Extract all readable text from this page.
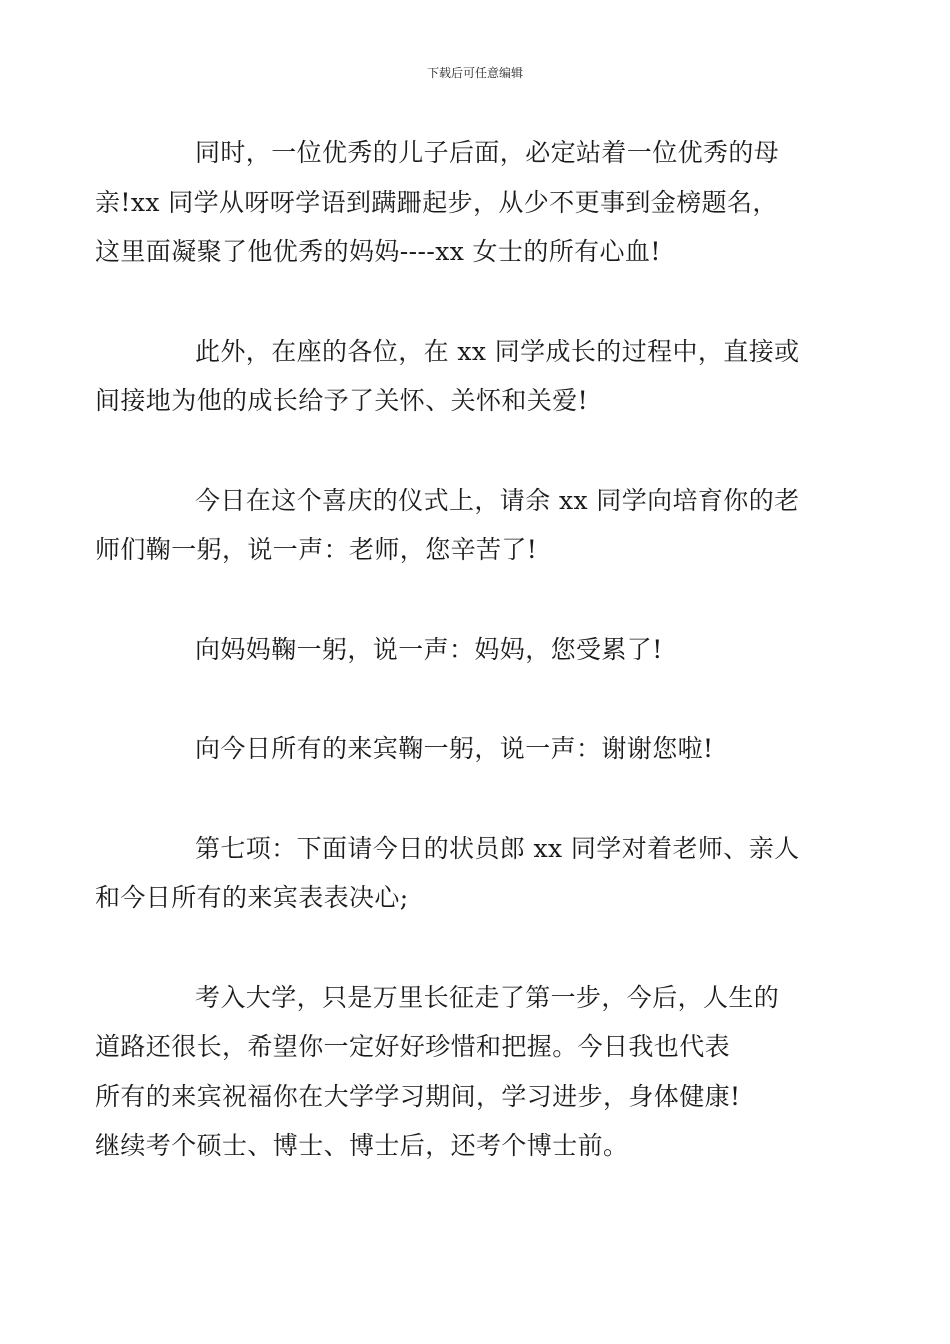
下载后可任意编辑

同时，一位优秀的儿子后面，必定站着一位优秀的母
亲!xx 同学从呀呀学语到蹒跚起步，从少不更事到金榜题名，
这里面凝聚了他优秀的妈妈----xx 女士的所有心血!

此外，在座的各位，在 xx 同学成长的过程中，直接或
间接地为他的成长给予了关怀、关怀和关爱!

今日在这个喜庆的仪式上，请余 xx 同学向培育你的老
师们鞠一躬，说一声：老师，您辛苦了!

向妈妈鞠一躬，说一声：妈妈，您受累了!

向今日所有的来宾鞠一躬，说一声：谢谢您啦!

第七项：下面请今日的状员郎 xx 同学对着老师、亲人
和今日所有的来宾表表决心;

考入大学，只是万里长征走了第一步，今后，人生的
道路还很长，希望你一定好好珍惜和把握。今日我也代表
所有的来宾祝福你在大学学习期间，学习进步，身体健康!
继续考个硕士、博士、博士后，还考个博士前。
